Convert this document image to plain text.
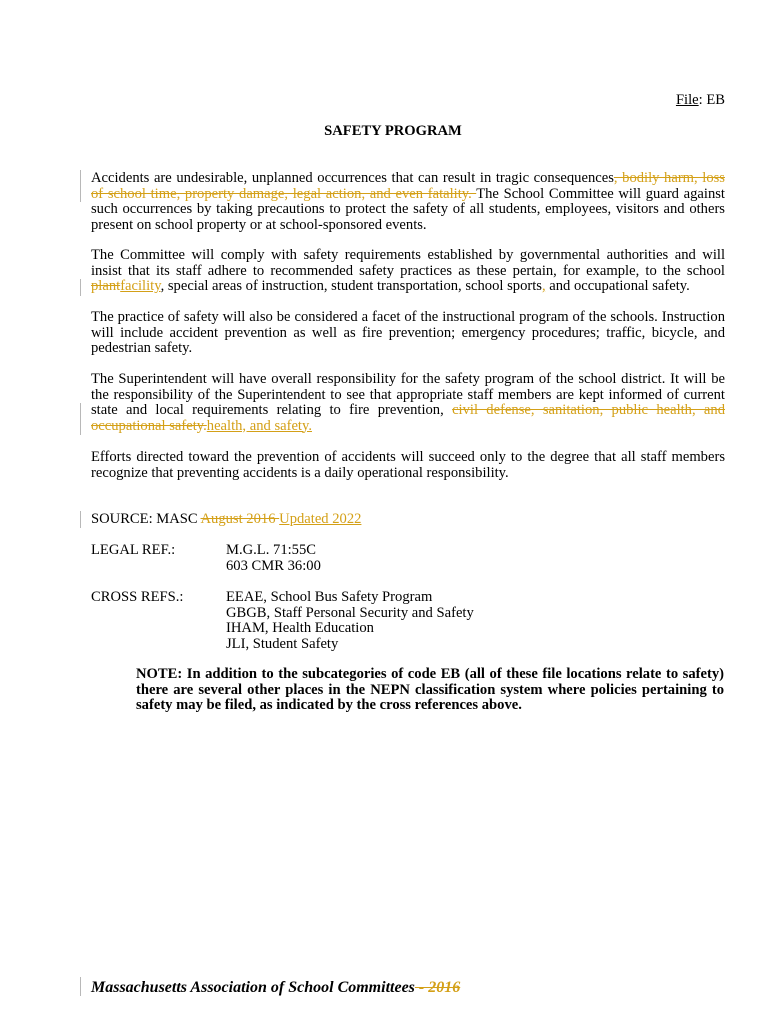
File: EB
SAFETY PROGRAM
Accidents are undesirable, unplanned occurrences that can result in tragic consequences, bodily harm, loss of school time, property damage, legal action, and even fatality. The School Committee will guard against such occurrences by taking precautions to protect the safety of all students, employees, visitors and others present on school property or at school-sponsored events.
The Committee will comply with safety requirements established by governmental authorities and will insist that its staff adhere to recommended safety practices as these pertain, for example, to the school plantfacility, special areas of instruction, student transportation, school sports, and occupational safety.
The practice of safety will also be considered a facet of the instructional program of the schools. Instruction will include accident prevention as well as fire prevention; emergency procedures; traffic, bicycle, and pedestrian safety.
The Superintendent will have overall responsibility for the safety program of the school district. It will be the responsibility of the Superintendent to see that appropriate staff members are kept informed of current state and local requirements relating to fire prevention, civil defense, sanitation, public health, and occupational safety.health, and safety.
Efforts directed toward the prevention of accidents will succeed only to the degree that all staff members recognize that preventing accidents is a daily operational responsibility.
SOURCE: MASC August 2016 Updated 2022
LEGAL REF.:	M.G.L. 71:55C
603 CMR 36:00
CROSS REFS.:	EEAE, School Bus Safety Program
GBGB, Staff Personal Security and Safety
IHAM, Health Education
JLI, Student Safety
NOTE: In addition to the subcategories of code EB (all of these file locations relate to safety) there are several other places in the NEPN classification system where policies pertaining to safety may be filed, as indicated by the cross references above.
Massachusetts Association of School Committees - 2016
